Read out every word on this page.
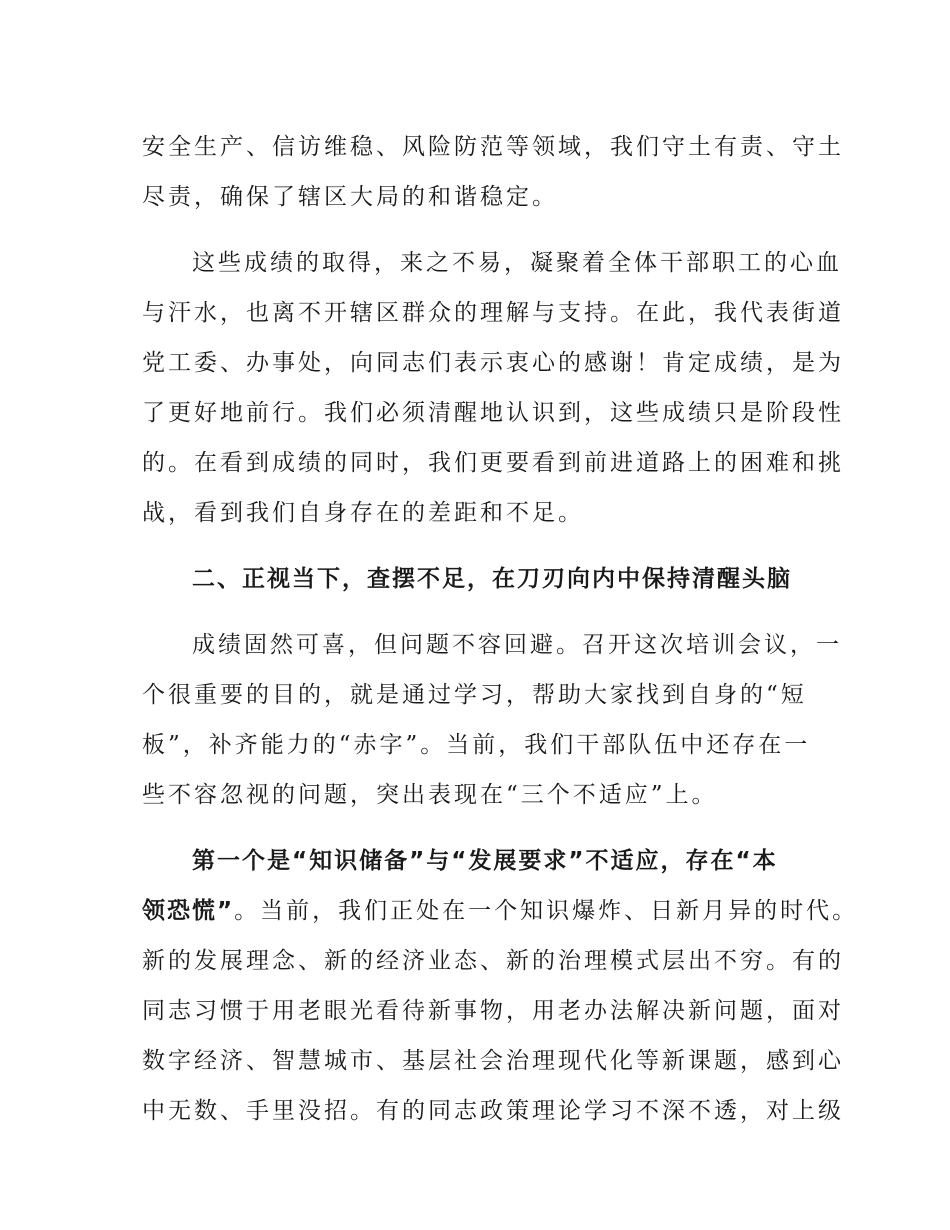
安全生产、信访维稳、风险防范等领域，我们守土有责、守土
尽责，确保了辖区大局的和谐稳定。
这些成绩的取得，来之不易，凝聚着全体干部职工的心血
与汗水，也离不开辖区群众的理解与支持。在此，我代表街道
党工委、办事处，向同志们表示衷心的感谢！肯定成绩，是为
了更好地前行。我们必须清醒地认识到，这些成绩只是阶段性
的。在看到成绩的同时，我们更要看到前进道路上的困难和挑
战，看到我们自身存在的差距和不足。
二、正视当下，查摆不足，在刀刃向内中保持清醒头脑
成绩固然可喜，但问题不容回避。召开这次培训会议，一
个很重要的目的，就是通过学习，帮助大家找到自身的“短
板”，补齐能力的“赤字”。当前，我们干部队伍中还存在一
些不容忽视的问题，突出表现在“三个不适应”上。
第一个是“知识储备”与“发展要求”不适应，存在“本
领恐慌”。当前，我们正处在一个知识爆炸、日新月异的时代。
新的发展理念、新的经济业态、新的治理模式层出不穷。有的
同志习惯于用老眼光看待新事物，用老办法解决新问题，面对
数字经济、智慧城市、基层社会治理现代化等新课题，感到心
中无数、手里没招。有的同志政策理论学习不深不透，对上级
